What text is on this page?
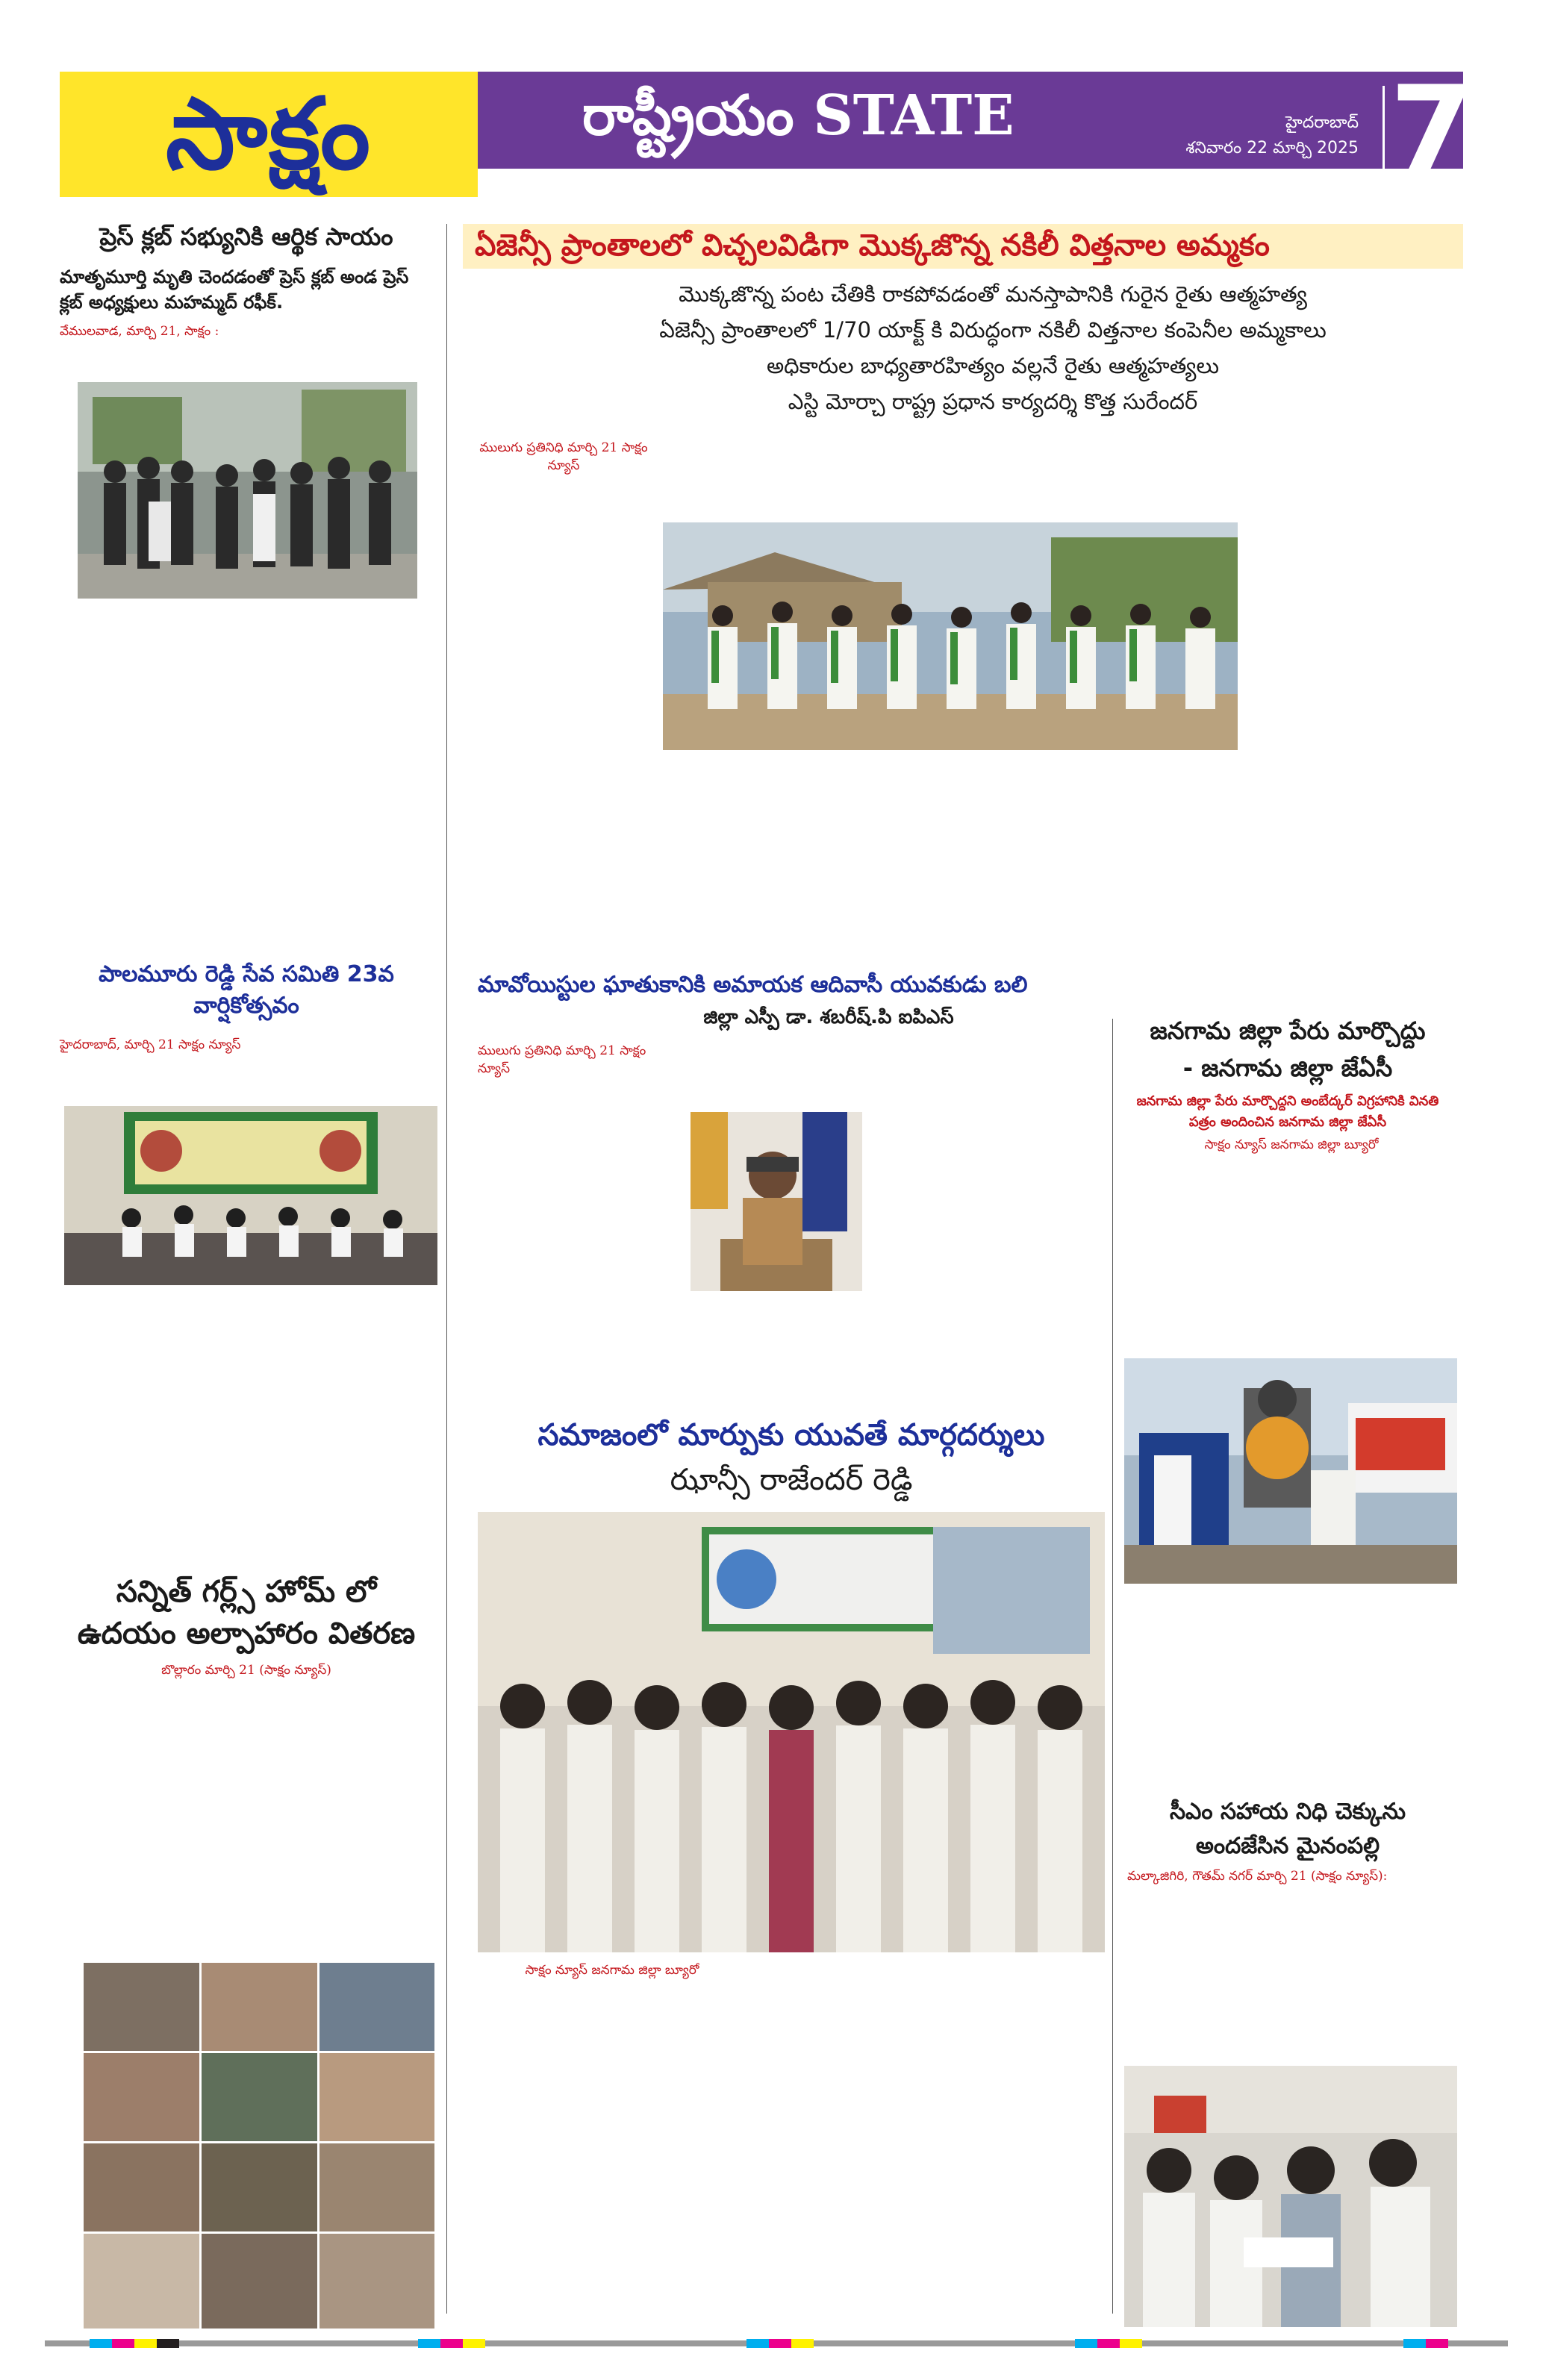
సాక్షం	రాష్ట్రీయం STATE	హైదరాబాద్
శనివారం 22 మార్చి 2025 7
ప్రెస్ క్లబ్ సభ్యునికి ఆర్థిక సాయం
మాతృమూర్తి మృతి చెందడంతో ప్రెస్ క్లబ్ అండ ప్రెస్ క్లబ్ అధ్యక్షులు మహమ్మద్ రఫీక్.
వేములవాడ, మార్చి 21, సాక్షం :
పాలమూరు రెడ్డి సేవ సమితి 23వ వార్షికోత్సవం
హైదరాబాద్, మార్చి 21 సాక్షం న్యూస్
సన్నిత్ గర్ల్స్ హోమ్ లో
ఉదయం అల్పాహారం వితరణ
బొల్లారం మార్చి 21 (సాక్షం న్యూస్)
ఏజెన్సీ ప్రాంతాలలో విచ్చలవిడిగా మొక్కజొన్న నకిలీ విత్తనాల అమ్మకం
మొక్కజొన్న పంట చేతికి రాకపోవడంతో మనస్తాపానికి గురైన రైతు ఆత్మహత్య
ఏజెన్సీ ప్రాంతాలలో 1/70 యాక్ట్ కి విరుద్ధంగా నకిలీ విత్తనాల కంపెనీల అమ్మకాలు
అధికారుల బాధ్యతారహిత్యం వల్లనే రైతు ఆత్మహత్యలు
ఎస్టి మోర్చా రాష్ట్ర ప్రధాన కార్యదర్శి కొత్త సురేందర్
ములుగు ప్రతినిధి మార్చి 21 సాక్షం న్యూస్
మావోయిస్టుల ఘాతుకానికి అమాయక ఆదివాసీ యువకుడు బలి
జిల్లా ఎస్పీ డా. శబరీష్.పి ఐపిఎస్
ములుగు ప్రతినిధి మార్చి 21 సాక్షం న్యూస్
జనగామ జిల్లా పేరు మార్చొద్దు
- జనగామ జిల్లా జేఏసీ
జనగామ జిల్లా పేరు మార్చొద్దని అంబేద్కర్ విగ్రహానికి వినతి పత్రం అందించిన జనగామ జిల్లా జేఏసీ
సాక్షం న్యూస్ జనగామ జిల్లా బ్యూరో
సీఎం సహాయ నిధి చెక్కును
అందజేసిన మైనంపల్లి
మల్కాజిగిరి, గౌతమ్ నగర్ మార్చి 21 (సాక్షం న్యూస్):
సమాజంలో మార్పుకు యువతే మార్గదర్శులు
ఝాన్సీ రాజేందర్ రెడ్డి
సాక్షం న్యూస్ జనగామ జిల్లా బ్యూరో
